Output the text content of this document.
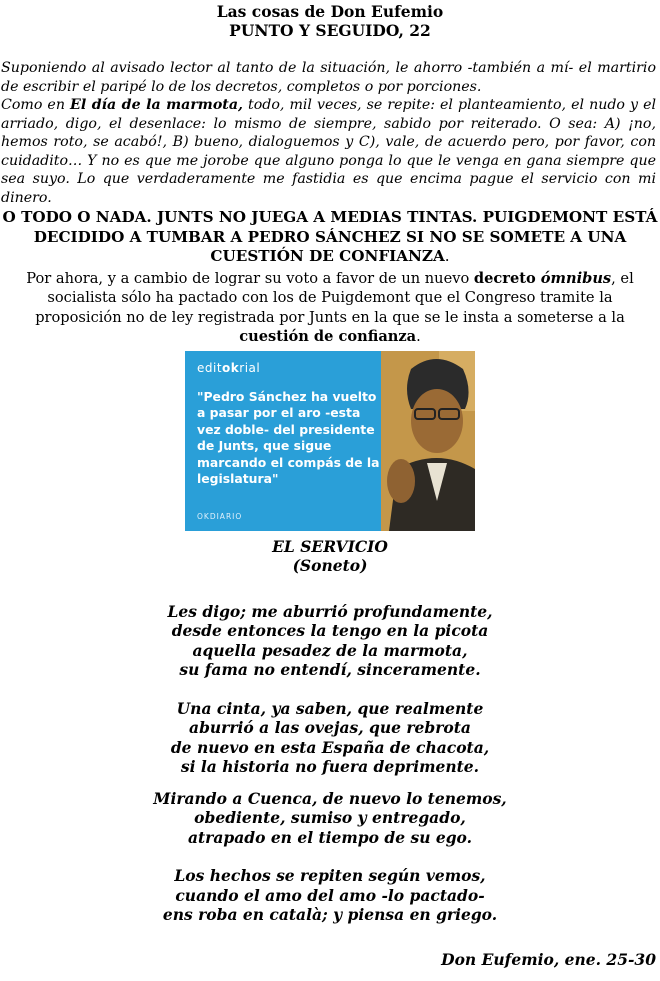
Las cosas de Don Eufemio
PUNTO Y SEGUIDO, 22

Suponiendo al avisado lector al tanto de la situación, le ahorro -también a mí- el martirio de escribir el paripé lo de los decretos, completos o por porciones.

Como en El día de la marmota, todo, mil veces, se repite: el planteamiento, el nudo y el arriado, digo, el desenlace: lo mismo de siempre, sabido por reiterado. O sea: A) ¡no, hemos roto, se acabó!, B) bueno, dialoguemos y C), vale, de acuerdo pero, por favor, con cuidadito… Y no es que me jorobe que alguno ponga lo que le venga en gana siempre que sea suyo. Lo que verdaderamente me fastidia es que encima pague el servicio con mi dinero.

O TODO O NADA. JUNTS NO JUEGA A MEDIAS TINTAS. PUIGDEMONT ESTÁ DECIDIDO A TUMBAR A PEDRO SÁNCHEZ SI NO SE SOMETE A UNA CUESTIÓN DE CONFIANZA.
Por ahora, y a cambio de lograr su voto a favor de un nuevo decreto ómnibus, el socialista sólo ha pactado con los de Puigdemont que el Congreso tramite la proposición no de ley registrada por Junts en la que se le insta a someterse a la cuestión de confianza.
editokrial
"Pedro Sánchez ha vuelto a pasar por el aro -esta vez doble- del presidente de Junts, que sigue marcando el compás de la legislatura"
OKDIARIO
EL SERVICIO
(Soneto)
Les digo; me aburrió profundamente,
desde entonces la tengo en la picota
aquella pesadez de la marmota,
su fama no entendí, sinceramente.
Una cinta, ya saben, que realmente
aburrió a las ovejas, que rebrota
de nuevo en esta España de chacota,
si la historia no fuera deprimente.
Mirando a Cuenca, de nuevo lo tenemos,
obediente, sumiso y entregado,
atrapado en el tiempo de su ego.
Los hechos se repiten según vemos,
cuando el amo del amo -lo pactado-
ens roba en català; y piensa en griego.
Don Eufemio, ene. 25-30
